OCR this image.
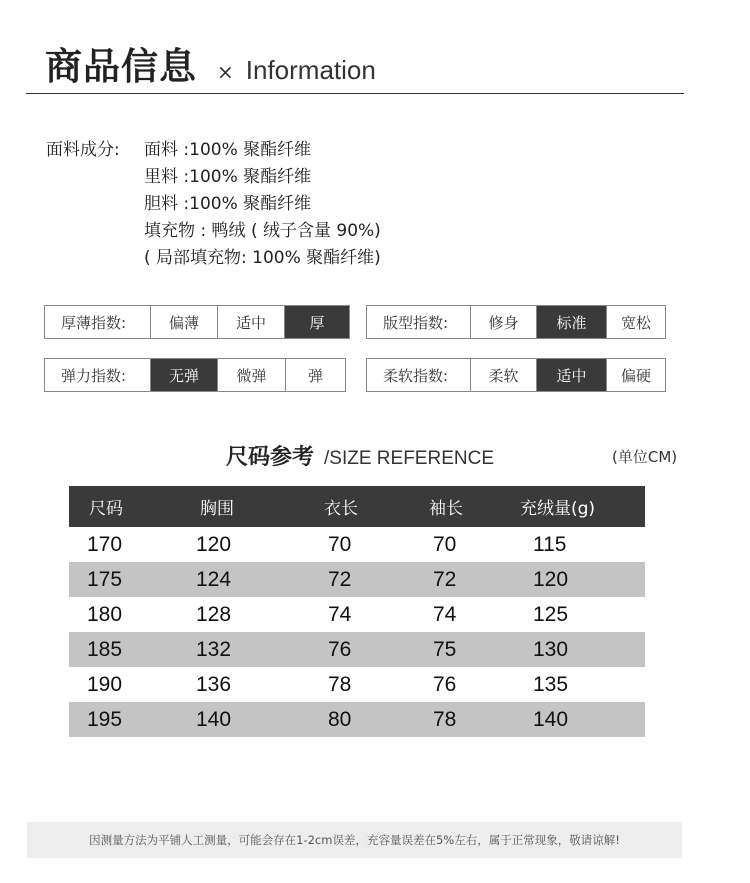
商品信息 × Information
面料成分: 面料 :100% 聚酯纤维
里料 :100% 聚酯纤维
胆料 :100% 聚酯纤维
填充物 : 鸭绒 ( 绒子含量 90%)
( 局部填充物: 100% 聚酯纤维)
厚薄指数:	偏薄	适中	厚	版型指数:	修身	标准	宽松
弹力指数:	无弹	微弹	弹	柔软指数:	柔软	适中	偏硬
尺码参考 /SIZE REFERENCE	(单位CM)
尺码	胸围	衣长	袖长	充绒量(g)
170	120	70	70	115
175	124	72	72	120
180	128	74	74	125
185	132	76	75	130
190	136	78	76	135
195	140	80	78	140
因测量方法为平铺人工测量，可能会存在1-2cm误差，充容量误差在5%左右，属于正常现象，敬请谅解!
